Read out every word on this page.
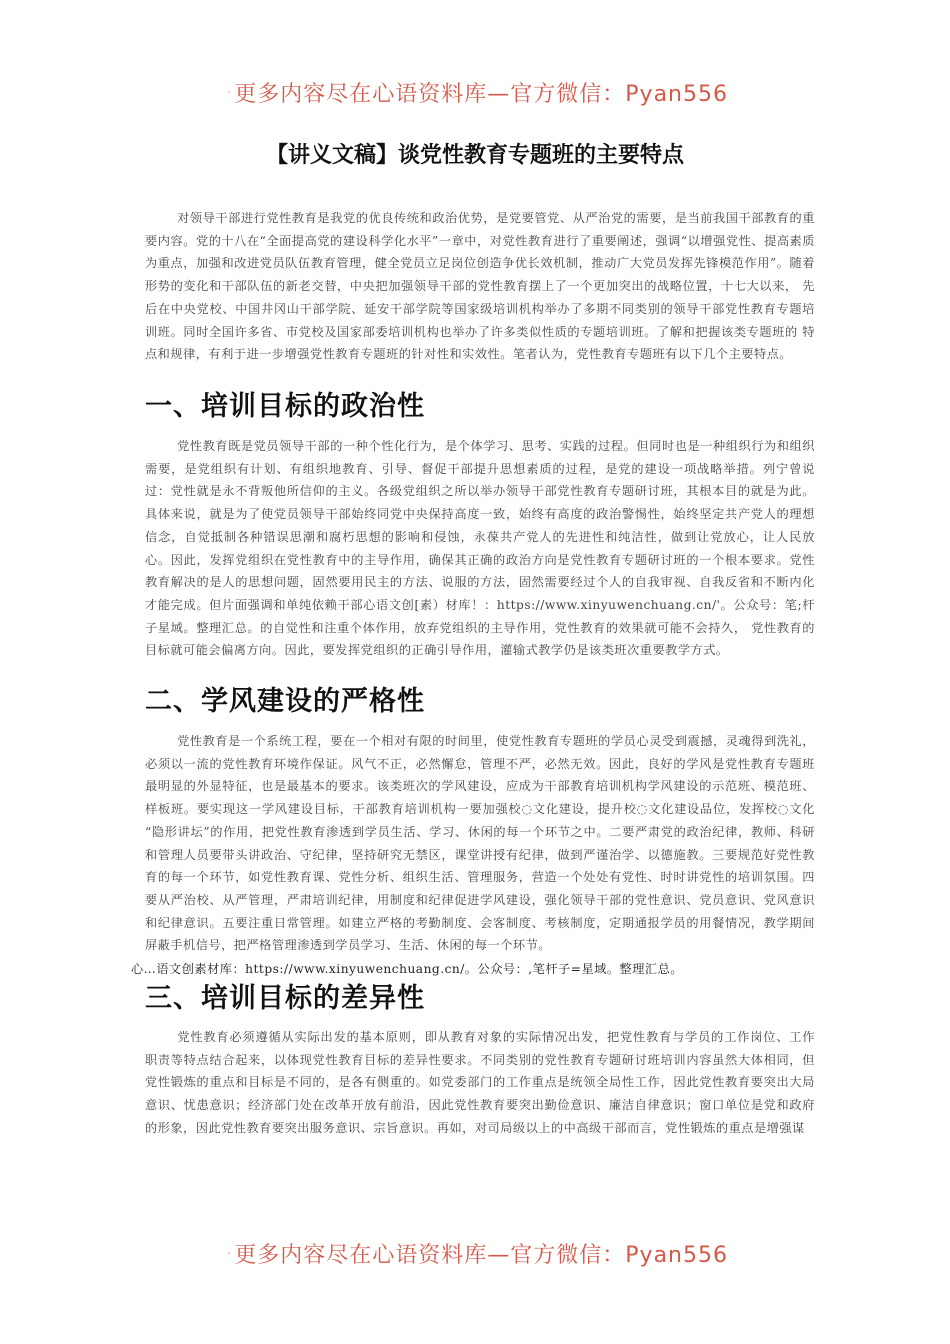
更多内容尽在心语资料库—官方微信：Pyan556
【讲义文稿】谈党性教育专题班的主要特点
对领导干部进行党性教育是我党的优良传统和政治优势，是党要管党、从严治党的需要，是当前我国干部教育的重要内容。党的十八在“全面提高党的建设科学化水平”一章中，对党性教育进行了重要阐述，强调“以增强党性、提高素质为重点，加强和改进党员队伍教育管理，健全党员立足岗位创造争优长效机制，推动广大党员发挥先锋模范作用”。随着形势的变化和干部队伍的新老交替，中央把加强领导干部的党性教育摆上了一个更加突出的战略位置，十七大以来， 先后在中央党校、中国井冈山干部学院、延安干部学院等国家级培训机构举办了多期不同类别的领导干部党性教育专题培训班。同时全国许多省、市党校及国家部委培训机构也举办了许多类似性质的专题培训班。了解和把握该类专题班的 特点和规律，有利于进一步增强党性教育专题班的针对性和实效性。笔者认为，党性教育专题班有以下几个主要特点。
一、培训目标的政治性
党性教育既是党员领导干部的一种个性化行为，是个体学习、思考、实践的过程。但同时也是一种组织行为和组织需要，是党组织有计划、有组织地教育、引导、督促干部提升思想素质的过程，是党的建设一项战略举措。列宁曾说过：党性就是永不背叛他所信仰的主义。各级党组织之所以举办领导干部党性教育专题研讨班，其根本目的就是为此。具体来说，就是为了使党员领导干部始终同党中央保持高度一致，始终有高度的政治警惕性，始终坚定共产党人的理想信念，自觉抵制各种错误思潮和腐朽思想的影响和侵蚀，永葆共产党人的先进性和纯洁性，做到让党放心，让人民放心。因此，发挥党组织在党性教育中的主导作用，确保其正确的政治方向是党性教育专题研讨班的一个根本要求。党性教育解决的是人的思想问题，固然要用民主的方法、说服的方法，固然需要经过个人的自我审视、自我反省和不断内化才能完成。但片面强调和单纯依赖干部心语文创[素）材库！：https://www.xinyuwenchuang.cn/'。公众号：笔;杆子星域。整理汇总。的自觉性和注重个体作用，放弃党组织的主导作用，党性教育的效果就可能不会持久， 党性教育的目标就可能会偏离方向。因此，要发挥党组织的正确引导作用，灌输式教学仍是该类班次重要教学方式。
二、学风建设的严格性
党性教育是一个系统工程，要在一个相对有限的时间里，使党性教育专题班的学员心灵受到震撼，灵魂得到洗礼， 必须以一流的党性教育环境作保证。风气不正，必然懈怠，管理不严，必然无效。因此，良好的学风是党性教育专题班最明显的外显特征，也是最基本的要求。该类班次的学风建设，应成为干部教育培训机构学风建设的示范班、模范班、样板班。要实现这一学风建设目标，干部教育培训机构一要加强校◌文化建设，提升校◌文化建设品位，发挥校◌文化 “隐形讲坛”的作用，把党性教育渗透到学员生活、学习、休闲的每一个环节之中。二要严肃党的政治纪律，教师、科研 和管理人员要带头讲政治、守纪律，坚持研究无禁区，课堂讲授有纪律，做到严谨治学、以德施教。三要规范好党性教育的每一个环节，如党性教育课、党性分析、组织生活、管理服务，营造一个处处有党性、时时讲党性的培训氛围。四要从严治校、从严管理，严肃培训纪律，用制度和纪律促进学风建设，强化领导干部的党性意识、党员意识、党风意识和纪律意识。五要注重日常管理。如建立严格的考勤制度、会客制度、考核制度，定期通报学员的用餐情况，教学期间屏蔽手机信号，把严格管理渗透到学员学习、生活、休闲的每一个环节。
心…语文创素材库：https://www.xinyuwenchuang.cn/。公众号：,笔杆子=星域。整理汇总。
三、培训目标的差异性
党性教育必须遵循从实际出发的基本原则，即从教育对象的实际情况出发，把党性教育与学员的工作岗位、工作 职责等特点结合起来，以体现党性教育目标的差异性要求。不同类别的党性教育专题研讨班培训内容虽然大体相同，但 党性锻炼的重点和目标是不同的，是各有侧重的。如党委部门的工作重点是统领全局性工作，因此党性教育要突出大局 意识、忧患意识；经济部门处在改革开放有前沿，因此党性教育要突出勤俭意识、廉洁自律意识；窗口单位是党和政府 的形象，因此党性教育要突出服务意识、宗旨意识。再如，对司局级以上的中高级干部而言，党性锻炼的重点是增强谋
更多内容尽在心语资料库—官方微信：Pyan556
